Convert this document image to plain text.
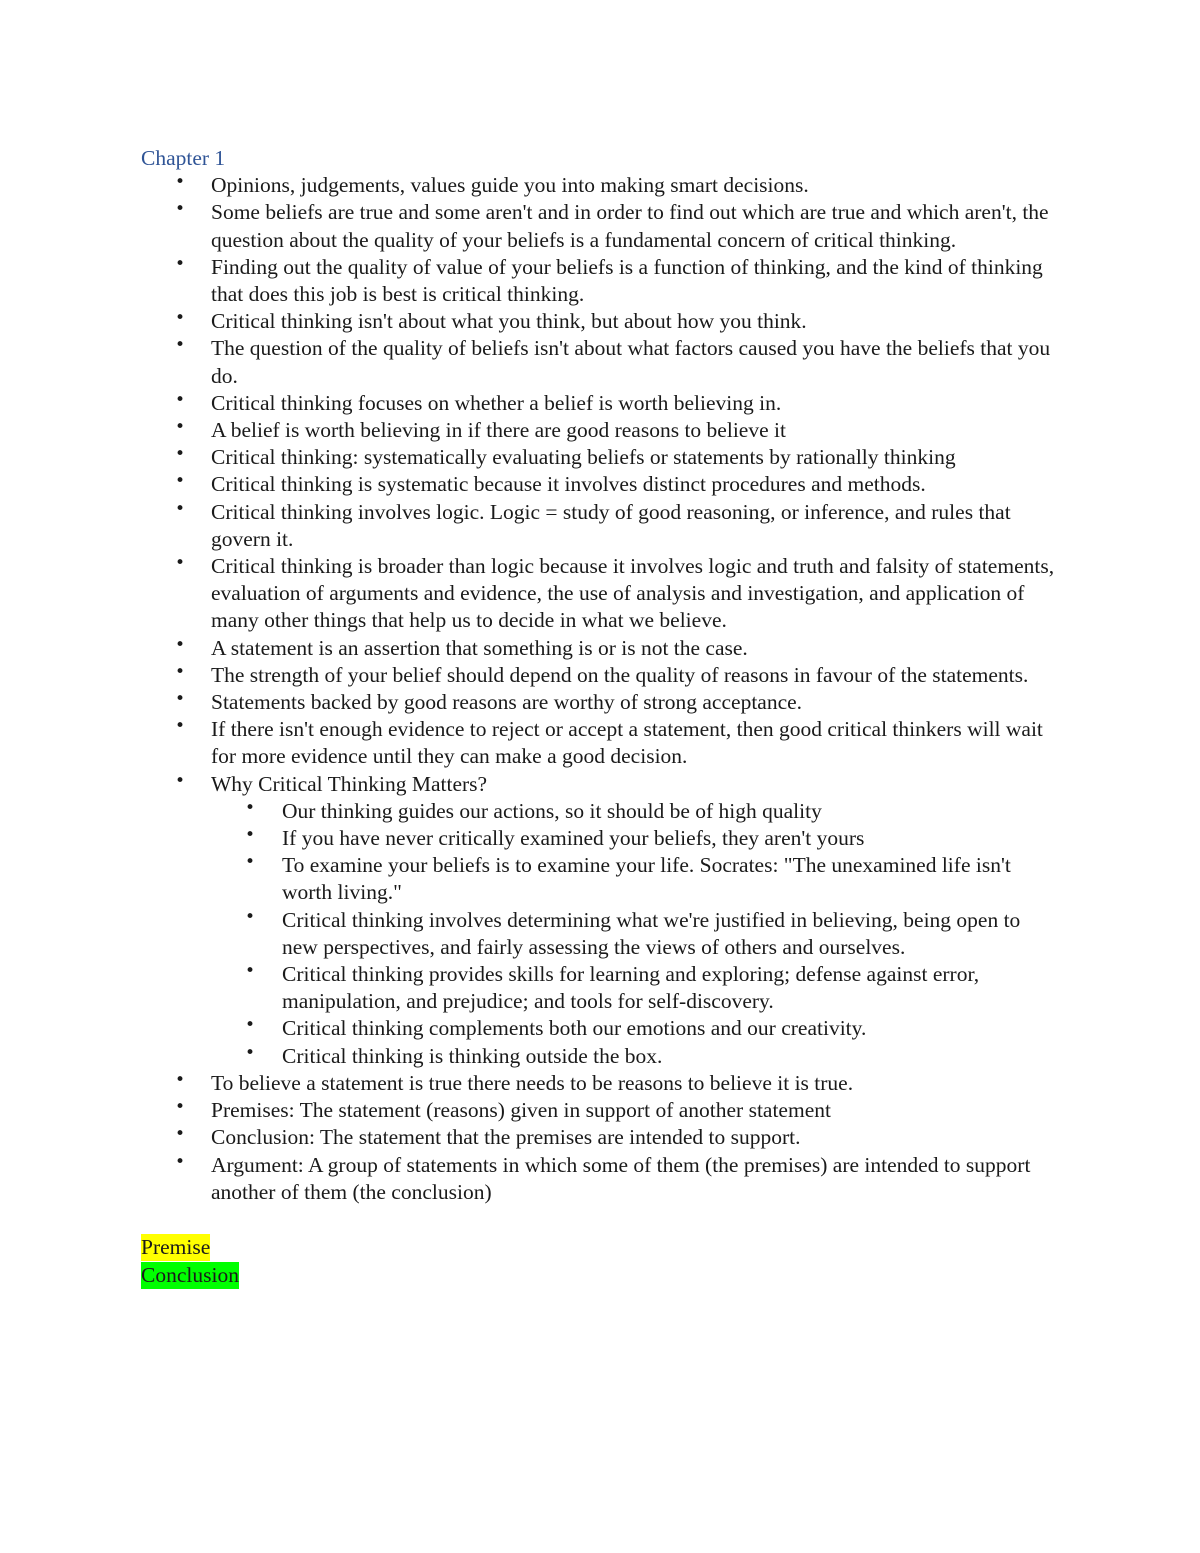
Chapter 1
• Opinions, judgements, values guide you into making smart decisions.
• Some beliefs are true and some aren't and in order to find out which are true and which aren't, the question about the quality of your beliefs is a fundamental concern of critical thinking.
• Finding out the quality of value of your beliefs is a function of thinking, and the kind of thinking that does this job is best is critical thinking.
• Critical thinking isn't about what you think, but about how you think.
• The question of the quality of beliefs isn't about what factors caused you have the beliefs that you do.
• Critical thinking focuses on whether a belief is worth believing in.
• A belief is worth believing in if there are good reasons to believe it
• Critical thinking: systematically evaluating beliefs or statements by rationally thinking
• Critical thinking is systematic because it involves distinct procedures and methods.
• Critical thinking involves logic. Logic = study of good reasoning, or inference, and rules that govern it.
• Critical thinking is broader than logic because it involves logic and truth and falsity of statements, evaluation of arguments and evidence, the use of analysis and investigation, and application of many other things that help us to decide in what we believe.
• A statement is an assertion that something is or is not the case.
• The strength of your belief should depend on the quality of reasons in favour of the statements.
• Statements backed by good reasons are worthy of strong acceptance.
• If there isn't enough evidence to reject or accept a statement, then good critical thinkers will wait for more evidence until they can make a good decision.
• Why Critical Thinking Matters?
• Our thinking guides our actions, so it should be of high quality
• If you have never critically examined your beliefs, they aren't yours
• To examine your beliefs is to examine your life. Socrates: "The unexamined life isn't worth living."
• Critical thinking involves determining what we're justified in believing, being open to new perspectives, and fairly assessing the views of others and ourselves.
• Critical thinking provides skills for learning and exploring; defense against error, manipulation, and prejudice; and tools for self-discovery.
• Critical thinking complements both our emotions and our creativity.
• Critical thinking is thinking outside the box.
• To believe a statement is true there needs to be reasons to believe it is true.
• Premises: The statement (reasons) given in support of another statement
• Conclusion: The statement that the premises are intended to support.
• Argument: A group of statements in which some of them (the premises) are intended to support another of them (the conclusion)
Premise
Conclusion
